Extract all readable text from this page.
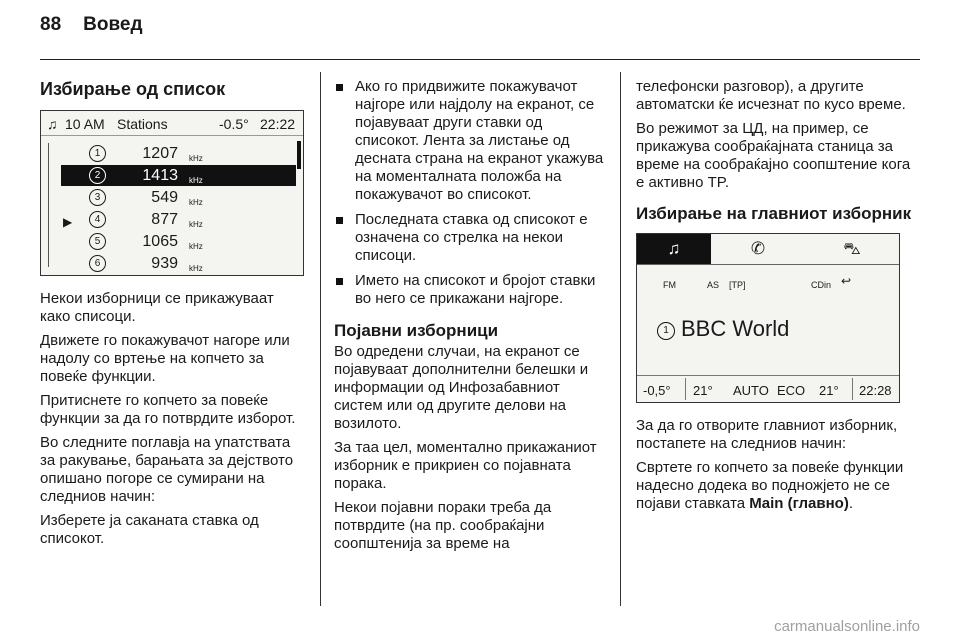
88 Вовед
Избирање од список
♫ 10 AM Stations	-0.5° 22:22
1	1207 kHz
2	1413 kHz
3	549 kHz
▶	4	877 kHz
5	1065 kHz
6	939 kHz

Некои изборници се прикажуваат како списоци.

Движете го покажувачот нагоре или надолу со вртење на копчето за повеќе функции.

Притиснете го копчето за повеќе функции за да го потврдите изборот.

Во следните поглавја на упатствата за ракување, барањата за дејството опишано погоре се сумирани на следниов начин:

Изберете ја саканата ставка од списокот.

Ако го придвижите покажувачот најгоре или најдолу на екранот, се појавуваат други ставки од списокот. Лента за листање од десната страна на екранот укажува на моменталната положба на покажувачот во списокот.
Последната ставка од списокот е означена со стрелка на некои списоци.
Името на списокот и бројот ставки во него се прикажани најгоре.
Појавни изборници

Во одредени случаи, на екранот се појавуваат дополнителни белешки и информации од Инфозабавниот систем или од другите делови на возилото.

За таа цел, моментално прикажаниот изборник е прикриен со појавната порака.

Некои појавни пораки треба да потврдите (на пр. сообраќајни соопштенија за време на

телефонски разговор), а другите автоматски ќе исчезнат по кусо време.

Во режимот за ЦД, на пример, се прикажува сообраќајната станица за време на сообраќајно соопштение кога е активно TP.

Избирање на главниот изборник
♫	✆	⛍
FM	AS [TP]	CDin ↩
1 BBC World
-0,5° 21° AUTO ECO 21° 22:28

За да го отворите главниот изборник, постапете на следниов начин:

Свртете го копчето за повеќе функции надесно додека во подножјето не се појави ставката Main (главно).

carmanualsonline.info
